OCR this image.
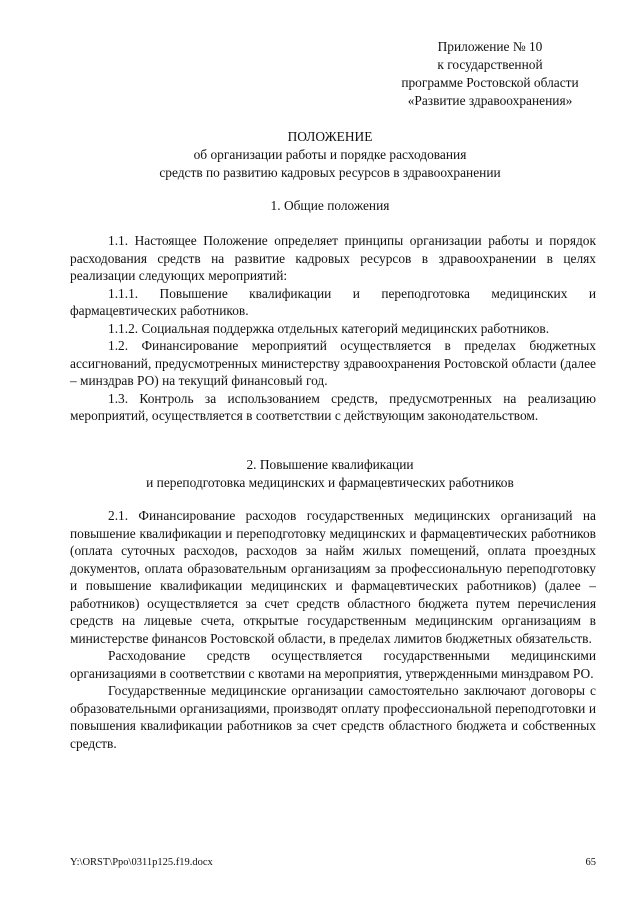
Приложение № 10
к государственной
программе Ростовской области
«Развитие здравоохранения»
ПОЛОЖЕНИЕ
об организации работы и порядке расходования
средств по развитию кадровых ресурсов в здравоохранении
1. Общие положения

1.1. Настоящее Положение определяет принципы организации работы и порядок расходования средств на развитие кадровых ресурсов в здравоохранении в целях реализации следующих мероприятий:

1.1.1. Повышение квалификации и переподготовка медицинских и фармацевтических работников.

1.1.2. Социальная поддержка отдельных категорий медицинских работников.

1.2. Финансирование мероприятий осуществляется в пределах бюджетных ассигнований, предусмотренных министерству здравоохранения Ростовской области (далее – минздрав РО) на текущий финансовый год.

1.3. Контроль за использованием средств, предусмотренных на реализацию мероприятий, осуществляется в соответствии с действующим законодательством.

2. Повышение квалификации
и переподготовка медицинских и фармацевтических работников

2.1. Финансирование расходов государственных медицинских организаций на повышение квалификации и переподготовку медицинских и фармацевтических работников (оплата суточных расходов, расходов за найм жилых помещений, оплата проездных документов, оплата образовательным организациям за профессиональную переподготовку и повышение квалификации медицинских и фармацевтических работников) (далее – работников) осуществляется за счет средств областного бюджета путем перечисления средств на лицевые счета, открытые государственным медицинским организациям в министерстве финансов Ростовской области, в пределах лимитов бюджетных обязательств.

Расходование средств осуществляется государственными медицинскими организациями в соответствии с квотами на мероприятия, утвержденными минздравом РО.

Государственные медицинские организации самостоятельно заключают договоры с образовательными организациями, производят оплату профессиональной переподготовки и повышения квалификации работников за счет средств областного бюджета и собственных средств.

Y:\ORST\Ppo\0311p125.f19.docx	65
